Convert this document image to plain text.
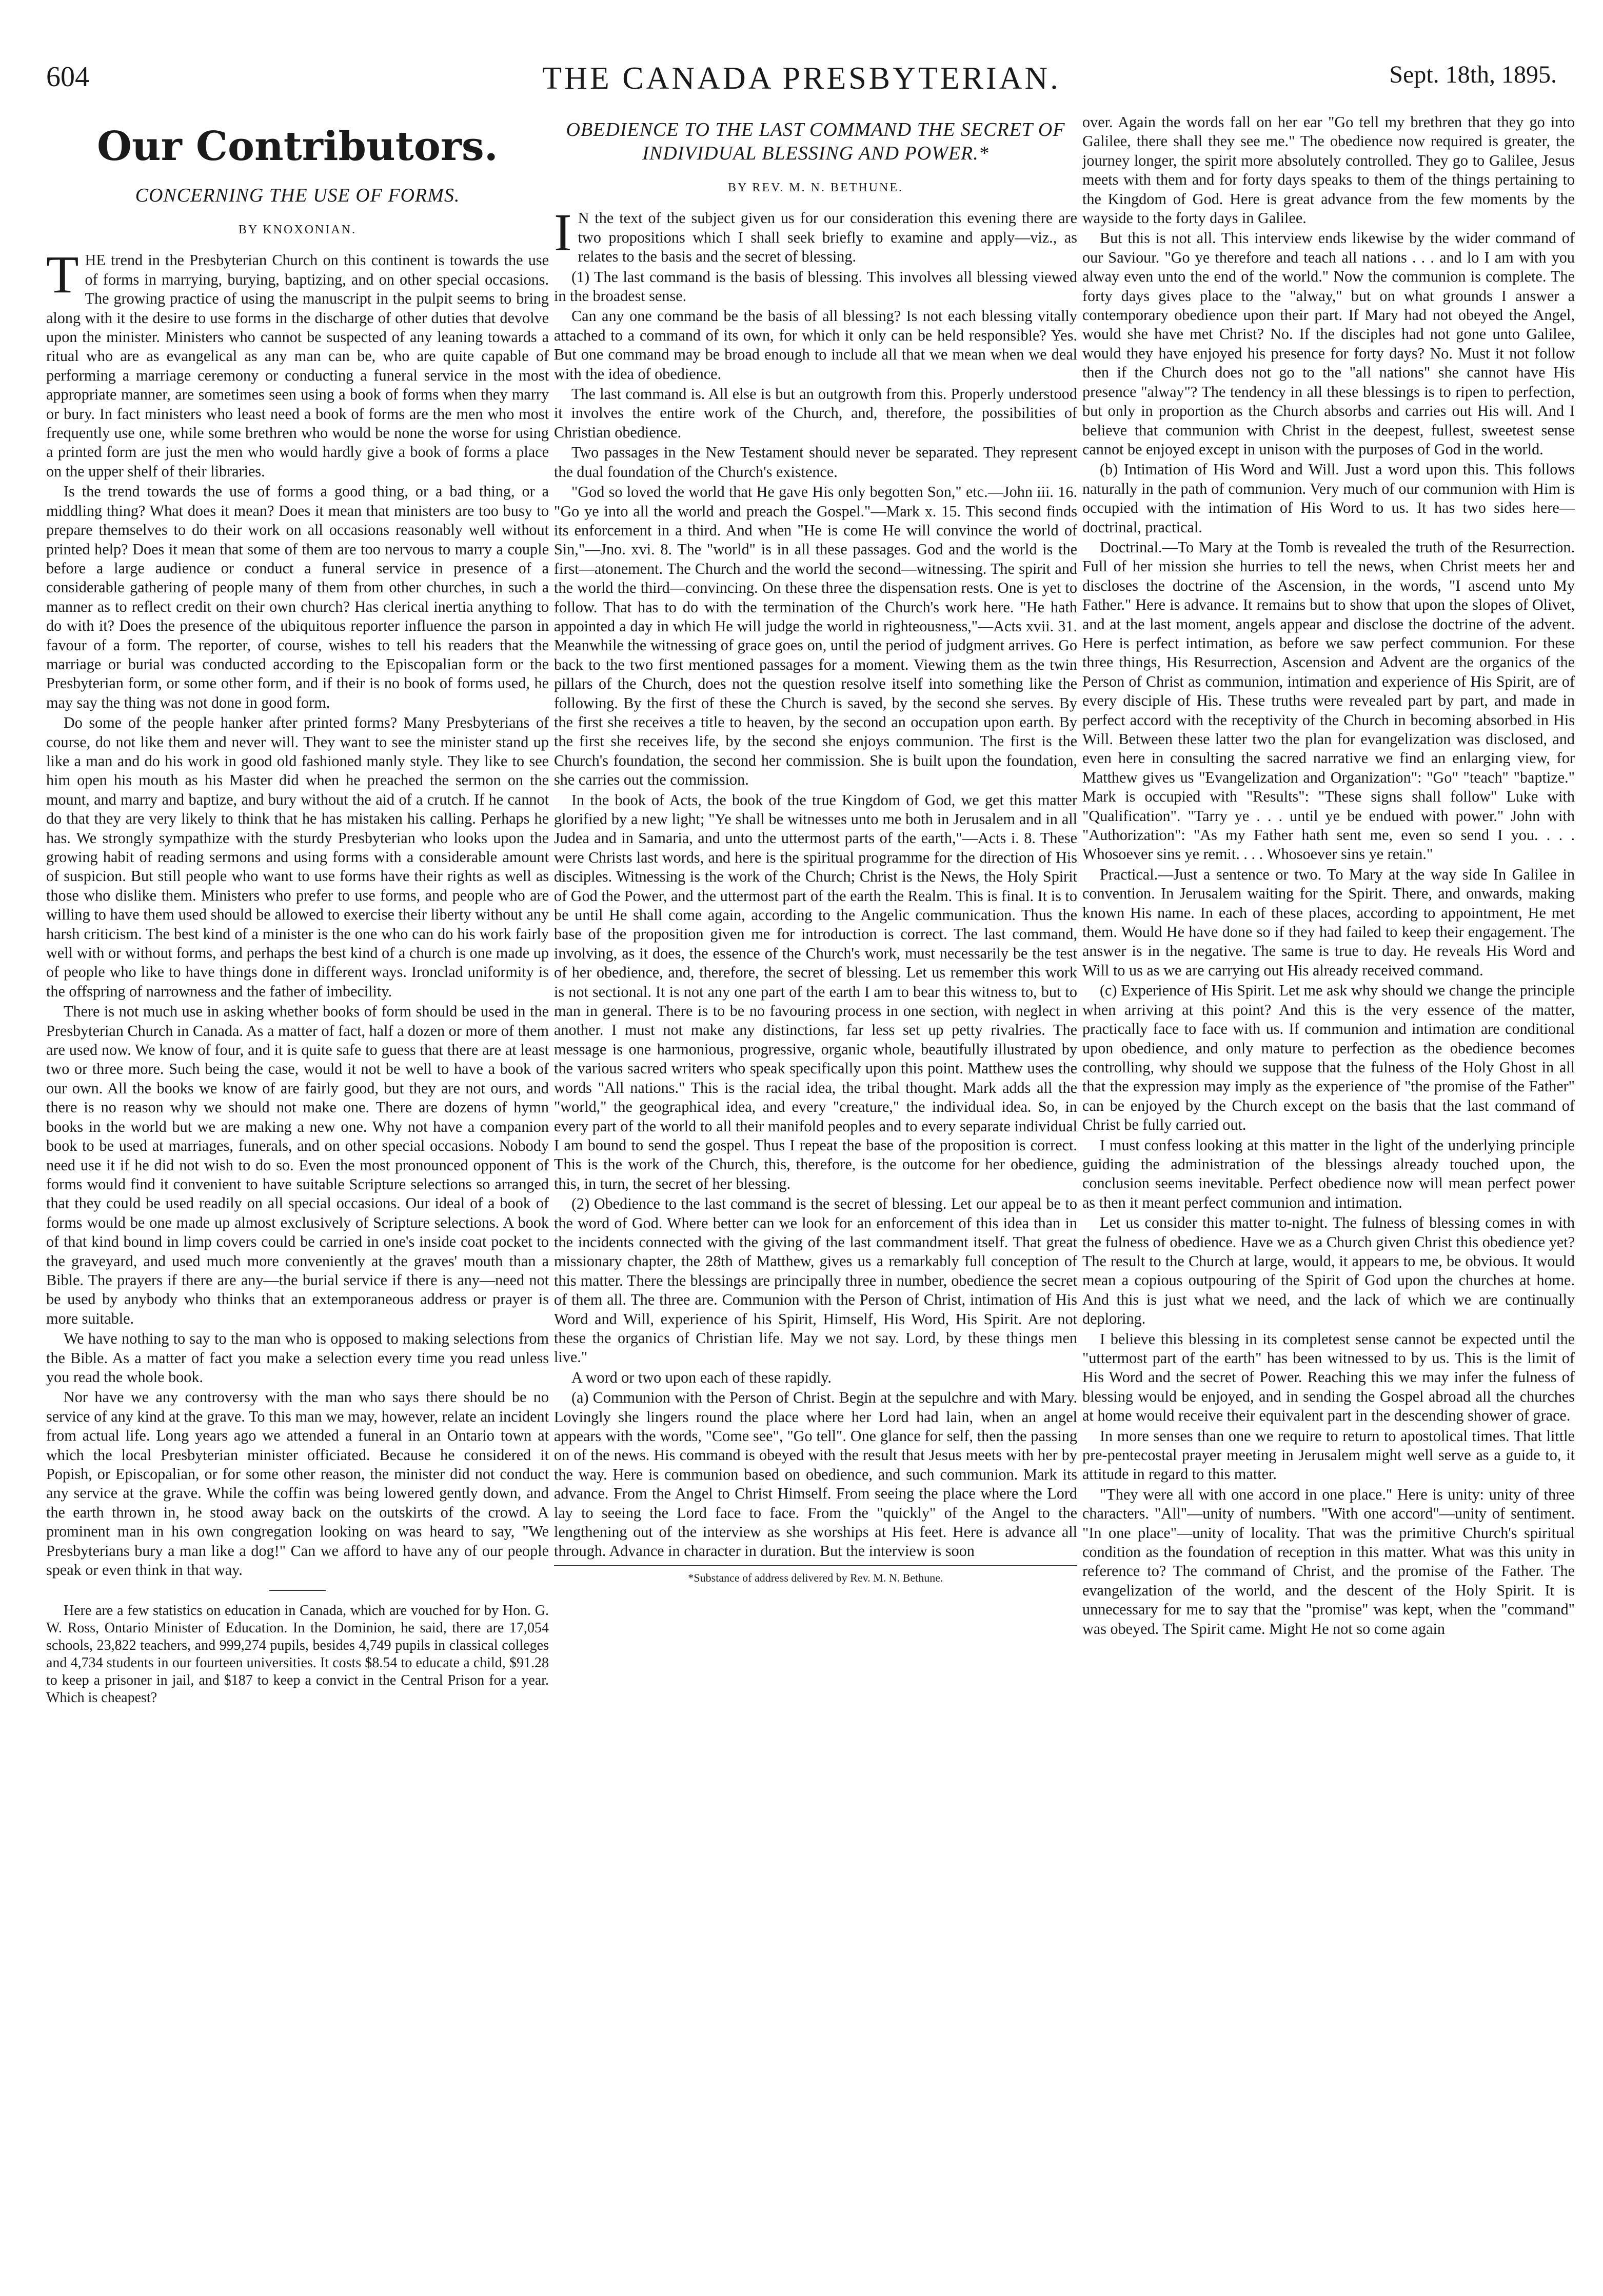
604	THE CANADA PRESBYTERIAN.	Sept. 18th, 1895.
Our Contributors.
CONCERNING THE USE OF FORMS.
BY KNOXONIAN.

THE trend in the Presbyterian Church on this continent is towards the use of forms in marrying, burying, baptizing, and on other special occasions. The growing practice of using the manuscript in the pulpit seems to bring along with it the desire to use forms in the discharge of other duties that devolve upon the minister. Ministers who cannot be suspected of any leaning towards a ritual who are as evangelical as any man can be, who are quite capable of performing a marriage ceremony or conducting a funeral service in the most appropriate manner, are sometimes seen using a book of forms when they marry or bury. In fact ministers who least need a book of forms are the men who most frequently use one, while some brethren who would be none the worse for using a printed form are just the men who would hardly give a book of forms a place on the upper shelf of their libraries.

Is the trend towards the use of forms a good thing, or a bad thing, or a middling thing? What does it mean? Does it mean that ministers are too busy to prepare themselves to do their work on all occasions reasonably well without printed help? Does it mean that some of them are too nervous to marry a couple before a large audience or conduct a funeral service in presence of a considerable gathering of people many of them from other churches, in such a manner as to reflect credit on their own church? Has clerical inertia anything to do with it? Does the presence of the ubiquitous reporter influence the parson in favour of a form. The reporter, of course, wishes to tell his readers that the marriage or burial was conducted according to the Episcopalian form or the Presbyterian form, or some other form, and if their is no book of forms used, he may say the thing was not done in good form.

Do some of the people hanker after printed forms? Many Presbyterians of course, do not like them and never will. They want to see the minister stand up like a man and do his work in good old fashioned manly style. They like to see him open his mouth as his Master did when he preached the sermon on the mount, and marry and baptize, and bury without the aid of a crutch. If he cannot do that they are very likely to think that he has mistaken his calling. Perhaps he has. We strongly sympathize with the sturdy Presbyterian who looks upon the growing habit of reading sermons and using forms with a considerable amount of suspicion. But still people who want to use forms have their rights as well as those who dislike them. Ministers who prefer to use forms, and people who are willing to have them used should be allowed to exercise their liberty without any harsh criticism. The best kind of a minister is the one who can do his work fairly well with or without forms, and perhaps the best kind of a church is one made up of people who like to have things done in different ways. Ironclad uniformity is the offspring of narrowness and the father of imbecility.

There is not much use in asking whether books of form should be used in the Presbyterian Church in Canada. As a matter of fact, half a dozen or more of them are used now. We know of four, and it is quite safe to guess that there are at least two or three more. Such being the case, would it not be well to have a book of our own. All the books we know of are fairly good, but they are not ours, and there is no reason why we should not make one. There are dozens of hymn books in the world but we are making a new one. Why not have a companion book to be used at marriages, funerals, and on other special occasions. Nobody need use it if he did not wish to do so. Even the most pronounced opponent of forms would find it convenient to have suitable Scripture selections so arranged that they could be used readily on all special occasions. Our ideal of a book of forms would be one made up almost exclusively of Scripture selections. A book of that kind bound in limp covers could be carried in one's inside coat pocket to the graveyard, and used much more conveniently at the graves' mouth than a Bible. The prayers if there are any—the burial service if there is any—need not be used by anybody who thinks that an extemporaneous address or prayer is more suitable.

We have nothing to say to the man who is opposed to making selections from the Bible. As a matter of fact you make a selection every time you read unless you read the whole book.

Nor have we any controversy with the man who says there should be no service of any kind at the grave. To this man we may, however, relate an incident from actual life. Long years ago we attended a funeral in an Ontario town at which the local Presbyterian minister officiated. Because he considered it Popish, or Episcopalian, or for some other reason, the minister did not conduct any service at the grave. While the coffin was being lowered gently down, and the earth thrown in, he stood away back on the outskirts of the crowd. A prominent man in his own congregation looking on was heard to say, "We Presbyterians bury a man like a dog!" Can we afford to have any of our people speak or even think in that way.

Here are a few statistics on education in Canada, which are vouched for by Hon. G. W. Ross, Ontario Minister of Education. In the Dominion, he said, there are 17,054 schools, 23,822 teachers, and 999,274 pupils, besides 4,749 pupils in classical colleges and 4,734 students in our fourteen universities. It costs $8.54 to educate a child, $91.28 to keep a prisoner in jail, and $187 to keep a convict in the Central Prison for a year. Which is cheapest?

OBEDIENCE TO THE LAST COMMAND THE SECRET OF INDIVIDUAL BLESSING AND POWER.*
BY REV. M. N. BETHUNE.

I N the text of the subject given us for our consideration this evening there are two propositions which I shall seek briefly to examine and apply—viz., as relates to the basis and the secret of blessing.

(1) The last command is the basis of blessing. This involves all blessing viewed in the broadest sense.

Can any one command be the basis of all blessing? Is not each blessing vitally attached to a command of its own, for which it only can be held responsible? Yes. But one command may be broad enough to include all that we mean when we deal with the idea of obedience.

The last command is. All else is but an outgrowth from this. Properly understood it involves the entire work of the Church, and, therefore, the possibilities of Christian obedience.

Two passages in the New Testament should never be separated. They represent the dual foundation of the Church's existence.

"God so loved the world that He gave His only begotten Son," etc.—John iii. 16. "Go ye into all the world and preach the Gospel."—Mark x. 15. This second finds its enforcement in a third. And when "He is come He will convince the world of Sin,"—Jno. xvi. 8. The "world" is in all these passages. God and the world is the first—atonement. The Church and the world the second—witnessing. The spirit and the world the third—convincing. On these three the dispensation rests. One is yet to follow. That has to do with the termination of the Church's work here. "He hath appointed a day in which He will judge the world in righteousness,"—Acts xvii. 31. Meanwhile the witnessing of grace goes on, until the period of judgment arrives. Go back to the two first mentioned passages for a moment. Viewing them as the twin pillars of the Church, does not the question resolve itself into something like the following. By the first of these the Church is saved, by the second she serves. By the first she receives a title to heaven, by the second an occupation upon earth. By the first she receives life, by the second she enjoys communion. The first is the Church's foundation, the second her commission. She is built upon the foundation, she carries out the commission.

In the book of Acts, the book of the true Kingdom of God, we get this matter glorified by a new light; "Ye shall be witnesses unto me both in Jerusalem and in all Judea and in Samaria, and unto the uttermost parts of the earth,"—Acts i. 8. These were Christs last words, and here is the spiritual programme for the direction of His disciples. Witnessing is the work of the Church; Christ is the News, the Holy Spirit of God the Power, and the uttermost part of the earth the Realm. This is final. It is to be until He shall come again, according to the Angelic communication. Thus the base of the proposition given me for introduction is correct. The last command, involving, as it does, the essence of the Church's work, must necessarily be the test of her obedience, and, therefore, the secret of blessing. Let us remember this work is not sectional. It is not any one part of the earth I am to bear this witness to, but to man in general. There is to be no favouring process in one section, with neglect in another. I must not make any distinctions, far less set up petty rivalries. The message is one harmonious, progressive, organic whole, beautifully illustrated by the various sacred writers who speak specifically upon this point. Matthew uses the words "All nations." This is the racial idea, the tribal thought. Mark adds all the "world," the geographical idea, and every "creature," the individual idea. So, in every part of the world to all their manifold peoples and to every separate individual I am bound to send the gospel. Thus I repeat the base of the proposition is correct. This is the work of the Church, this, therefore, is the outcome for her obedience, this, in turn, the secret of her blessing.

(2) Obedience to the last command is the secret of blessing. Let our appeal be to the word of God. Where better can we look for an enforcement of this idea than in the incidents connected with the giving of the last commandment itself. That great missionary chapter, the 28th of Matthew, gives us a remarkably full conception of this matter. There the blessings are principally three in number, obedience the secret of them all. The three are. Communion with the Person of Christ, intimation of His Word and Will, experience of his Spirit, Himself, His Word, His Spirit. Are not these the organics of Christian life. May we not say. Lord, by these things men live."

A word or two upon each of these rapidly.

(a) Communion with the Person of Christ. Begin at the sepulchre and with Mary. Lovingly she lingers round the place where her Lord had lain, when an angel appears with the words, "Come see", "Go tell". One glance for self, then the passing on of the news. His command is obeyed with the result that Jesus meets with her by the way. Here is communion based on obedience, and such communion. Mark its advance. From the Angel to Christ Himself. From seeing the place where the Lord lay to seeing the Lord face to face. From the "quickly" of the Angel to the lengthening out of the interview as she worships at His feet. Here is advance all through. Advance in character in duration. But the interview is soon

*Substance of address delivered by Rev. M. N. Bethune.

over. Again the words fall on her ear "Go tell my brethren that they go into Galilee, there shall they see me." The obedience now required is greater, the journey longer, the spirit more absolutely controlled. They go to Galilee, Jesus meets with them and for forty days speaks to them of the things pertaining to the Kingdom of God. Here is great advance from the few moments by the wayside to the forty days in Galilee.

But this is not all. This interview ends likewise by the wider command of our Saviour. "Go ye therefore and teach all nations . . . and lo I am with you alway even unto the end of the world." Now the communion is complete. The forty days gives place to the "alway," but on what grounds I answer a contemporary obedience upon their part. If Mary had not obeyed the Angel, would she have met Christ? No. If the disciples had not gone unto Galilee, would they have enjoyed his presence for forty days? No. Must it not follow then if the Church does not go to the "all nations" she cannot have His presence "alway"? The tendency in all these blessings is to ripen to perfection, but only in proportion as the Church absorbs and carries out His will. And I believe that communion with Christ in the deepest, fullest, sweetest sense cannot be enjoyed except in unison with the purposes of God in the world.

(b) Intimation of His Word and Will. Just a word upon this. This follows naturally in the path of communion. Very much of our communion with Him is occupied with the intimation of His Word to us. It has two sides here—doctrinal, practical.

Doctrinal.—To Mary at the Tomb is revealed the truth of the Resurrection. Full of her mission she hurries to tell the news, when Christ meets her and discloses the doctrine of the Ascension, in the words, "I ascend unto My Father." Here is advance. It remains but to show that upon the slopes of Olivet, and at the last moment, angels appear and disclose the doctrine of the advent. Here is perfect intimation, as before we saw perfect communion. For these three things, His Resurrection, Ascension and Advent are the organics of the Person of Christ as communion, intimation and experience of His Spirit, are of every disciple of His. These truths were revealed part by part, and made in perfect accord with the receptivity of the Church in becoming absorbed in His Will. Between these latter two the plan for evangelization was disclosed, and even here in consulting the sacred narrative we find an enlarging view, for Matthew gives us "Evangelization and Organization": "Go" "teach" "baptize." Mark is occupied with "Results": "These signs shall follow" Luke with "Qualification". "Tarry ye . . . until ye be endued with power." John with "Authorization": "As my Father hath sent me, even so send I you. . . . Whosoever sins ye remit. . . . Whosoever sins ye retain."

Practical.—Just a sentence or two. To Mary at the way side In Galilee in convention. In Jerusalem waiting for the Spirit. There, and onwards, making known His name. In each of these places, according to appointment, He met them. Would He have done so if they had failed to keep their engagement. The answer is in the negative. The same is true to day. He reveals His Word and Will to us as we are carrying out His already received command.

(c) Experience of His Spirit. Let me ask why should we change the principle when arriving at this point? And this is the very essence of the matter, practically face to face with us. If communion and intimation are conditional upon obedience, and only mature to perfection as the obedience becomes controlling, why should we suppose that the fulness of the Holy Ghost in all that the expression may imply as the experience of "the promise of the Father" can be enjoyed by the Church except on the basis that the last command of Christ be fully carried out.

I must confess looking at this matter in the light of the underlying principle guiding the administration of the blessings already touched upon, the conclusion seems inevitable. Perfect obedience now will mean perfect power as then it meant perfect communion and intimation.

Let us consider this matter to-night. The fulness of blessing comes in with the fulness of obedience. Have we as a Church given Christ this obedience yet? The result to the Church at large, would, it appears to me, be obvious. It would mean a copious outpouring of the Spirit of God upon the churches at home. And this is just what we need, and the lack of which we are continually deploring.

I believe this blessing in its completest sense cannot be expected until the "uttermost part of the earth" has been witnessed to by us. This is the limit of His Word and the secret of Power. Reaching this we may infer the fulness of blessing would be enjoyed, and in sending the Gospel abroad all the churches at home would receive their equivalent part in the descending shower of grace.

In more senses than one we require to return to apostolical times. That little pre-pentecostal prayer meeting in Jerusalem might well serve as a guide to, it attitude in regard to this matter.

"They were all with one accord in one place." Here is unity: unity of three characters. "All"—unity of numbers. "With one accord"—unity of sentiment. "In one place"—unity of locality. That was the primitive Church's spiritual condition as the foundation of reception in this matter. What was this unity in reference to? The command of Christ, and the promise of the Father. The evangelization of the world, and the descent of the Holy Spirit. It is unnecessary for me to say that the "promise" was kept, when the "command" was obeyed. The Spirit came. Might He not so come again
